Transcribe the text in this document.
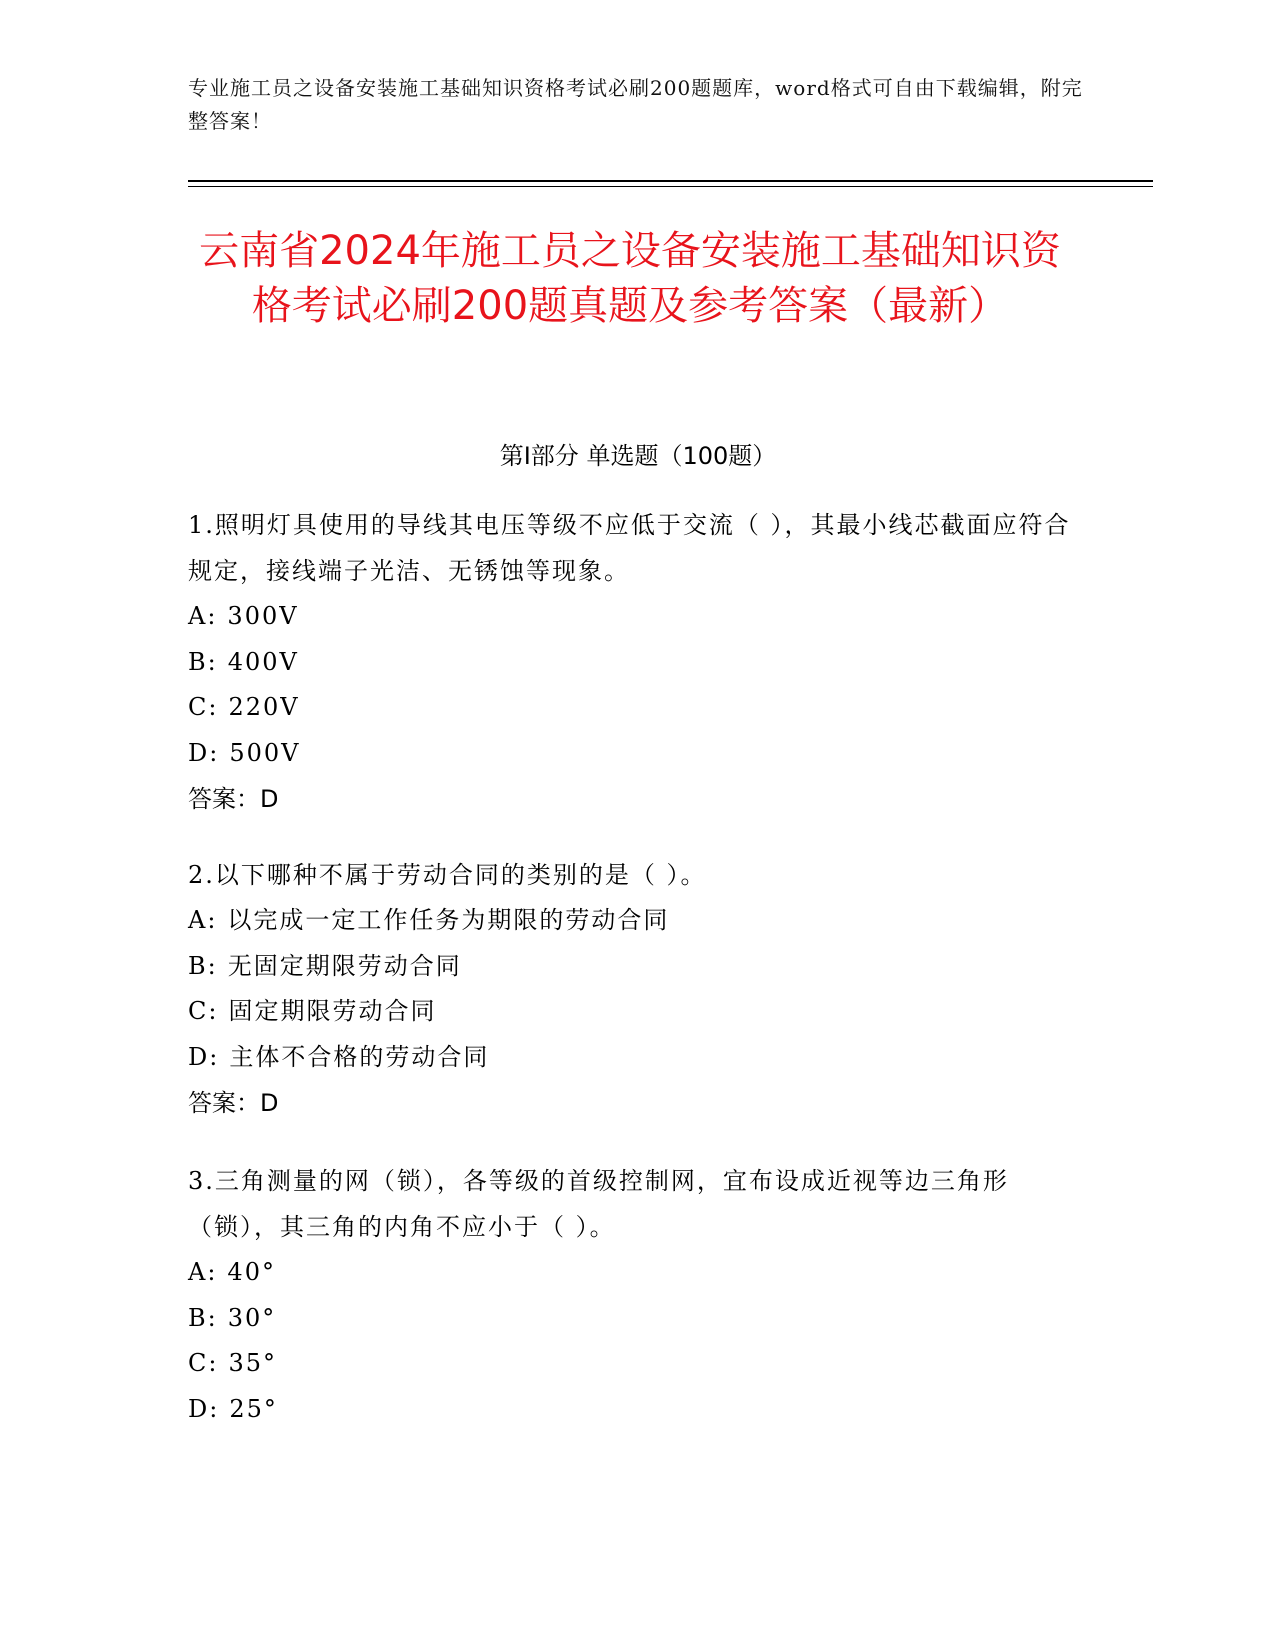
专业施工员之设备安装施工基础知识资格考试必刷200题题库，word格式可自由下载编辑，附完整答案！
云南省2024年施工员之设备安装施工基础知识资格考试必刷200题真题及参考答案（最新）
第I部分 单选题（100题）

1.照明灯具使用的导线其电压等级不应低于交流（ ），其最小线芯截面应符合规定，接线端子光洁、无锈蚀等现象。

A: 300V

B: 400V

C: 220V

D: 500V

答案：D

2.以下哪种不属于劳动合同的类别的是（ ）。

A: 以完成一定工作任务为期限的劳动合同

B: 无固定期限劳动合同

C: 固定期限劳动合同

D: 主体不合格的劳动合同

答案：D

3.三角测量的网（锁），各等级的首级控制网，宜布设成近视等边三角形（锁），其三角的内角不应小于（ ）。

A: 40°

B: 30°

C: 35°

D: 25°
